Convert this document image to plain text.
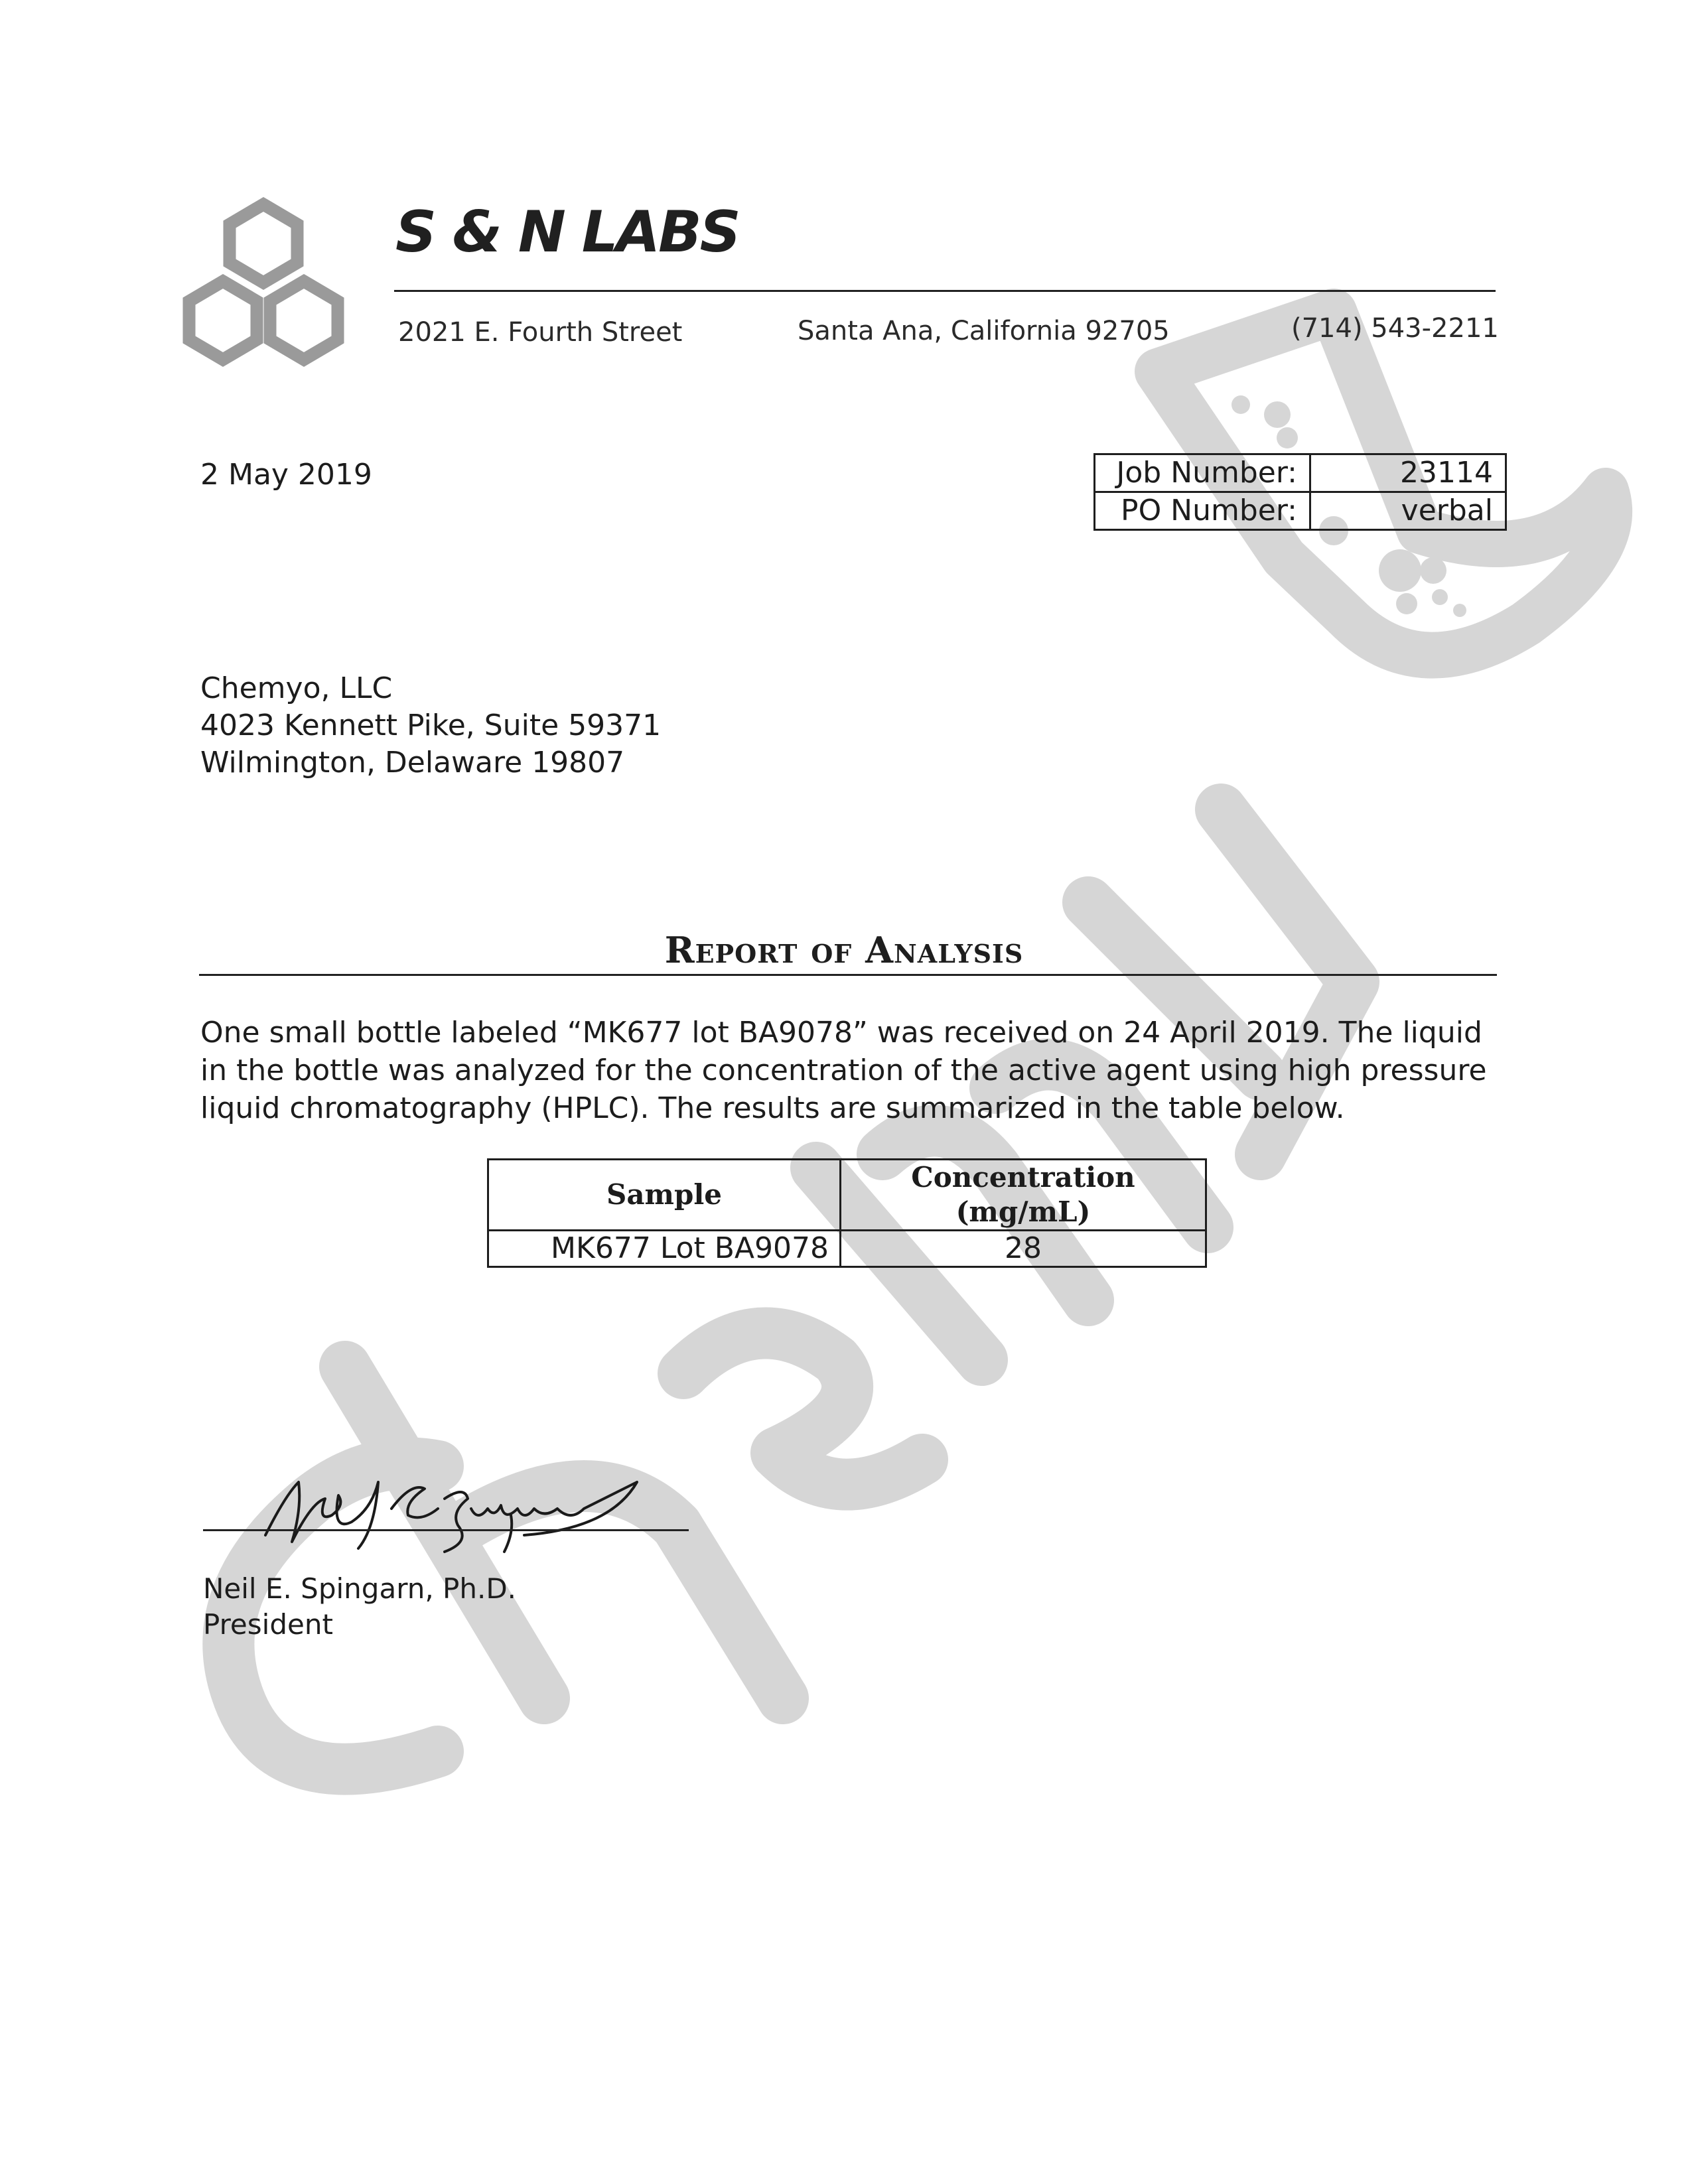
S & N LABS
2021 E. Fourth Street	Santa Ana, California 92705	(714) 543-2211
2 May 2019	Job Number:	23114
PO Number:	verbal
Chemyo, LLC
4023 Kennett Pike, Suite 59371
Wilmington, Delaware 19807
Report of Analysis
One small bottle labeled “MK677 lot BA9078” was received on 24 April 2019. The liquid in the bottle was analyzed for the concentration of the active agent using high pressure liquid chromatography (HPLC). The results are summarized in the table below.
Sample	Concentration (mg/mL)
MK677 Lot BA9078	28
Neil E. Spingarn, Ph.D.
President
